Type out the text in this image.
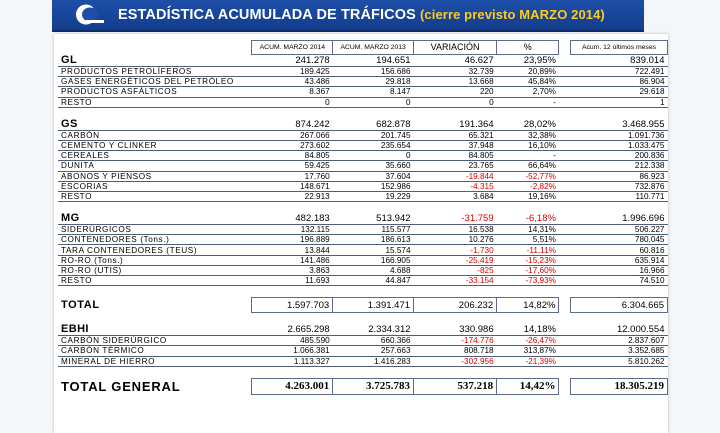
ESTADÍSTICA ACUMULADA DE TRÁFICOS (cierre previsto MARZO 2014)
	ACUM. MARZO 2014	ACUM. MARZO 2013	VARIACIÓN	%		Acum. 12 últimos meses
GL	241.278	194.651	46.627	23,95%		839.014
PRODUCTOS PETROLÍFEROS	189.425	156.686	32.739	20,89%		722.491
GASES ENERGÉTICOS DEL PETRÓLEO	43.486	29.818	13.668	45,84%		86.904
PRODUCTOS ASFÁLTICOS	8.367	8.147	220	2,70%		29.618
RESTO	0	0	0	-		1

GS	874.242	682.878	191.364	28,02%		3.468.955
CARBÓN	267.066	201.745	65.321	32,38%		1.091.736
CEMENTO Y CLINKER	273.602	235.654	37.948	16,10%		1.033.475
CEREALES	84.805	0	84.805	-		200.836
DUNITA	59.425	35.660	23.765	66,64%		212.338
ABONOS Y PIENSOS	17.760	37.604	-19.844	-52,77%		86.923
ESCORIAS	148.671	152.986	-4.315	-2,82%		732.876
RESTO	22.913	19.229	3.684	19,16%		110.771

MG	482.183	513.942	-31.759	-6,18%		1.996.696
SIDERÚRGICOS	132.115	115.577	16.538	14,31%		506.227
CONTENEDORES (Tons.)	196.889	186.613	10.276	5,51%		780.045
TARA CONTENEDORES (TEUS)	13.844	15.574	-1.730	-11,11%		60.816
RO-RO (Tons.)	141.486	166.905	-25.419	-15,23%		635.914
RO-RO (UTIS)	3.863	4.688	-825	-17,60%		16.966
RESTO	11.693	44.847	-33.154	-73,93%		74.510

TOTAL	1.597.703	1.391.471	206.232	14,82%		6.304.665

EBHI	2.665.298	2.334.312	330.986	14,18%		12.000.554
CARBÓN SIDERÚRGICO	485.590	660.366	-174.776	-26,47%		2.837.607
CARBÓN TÉRMICO	1.066.381	257.663	808.718	313,87%		3.352.685
MINERAL DE HIERRO	1.113.327	1.416.283	-302.956	-21,39%		5.810.262

TOTAL GENERAL	4.263.001	3.725.783	537.218	14,42%		18.305.219
